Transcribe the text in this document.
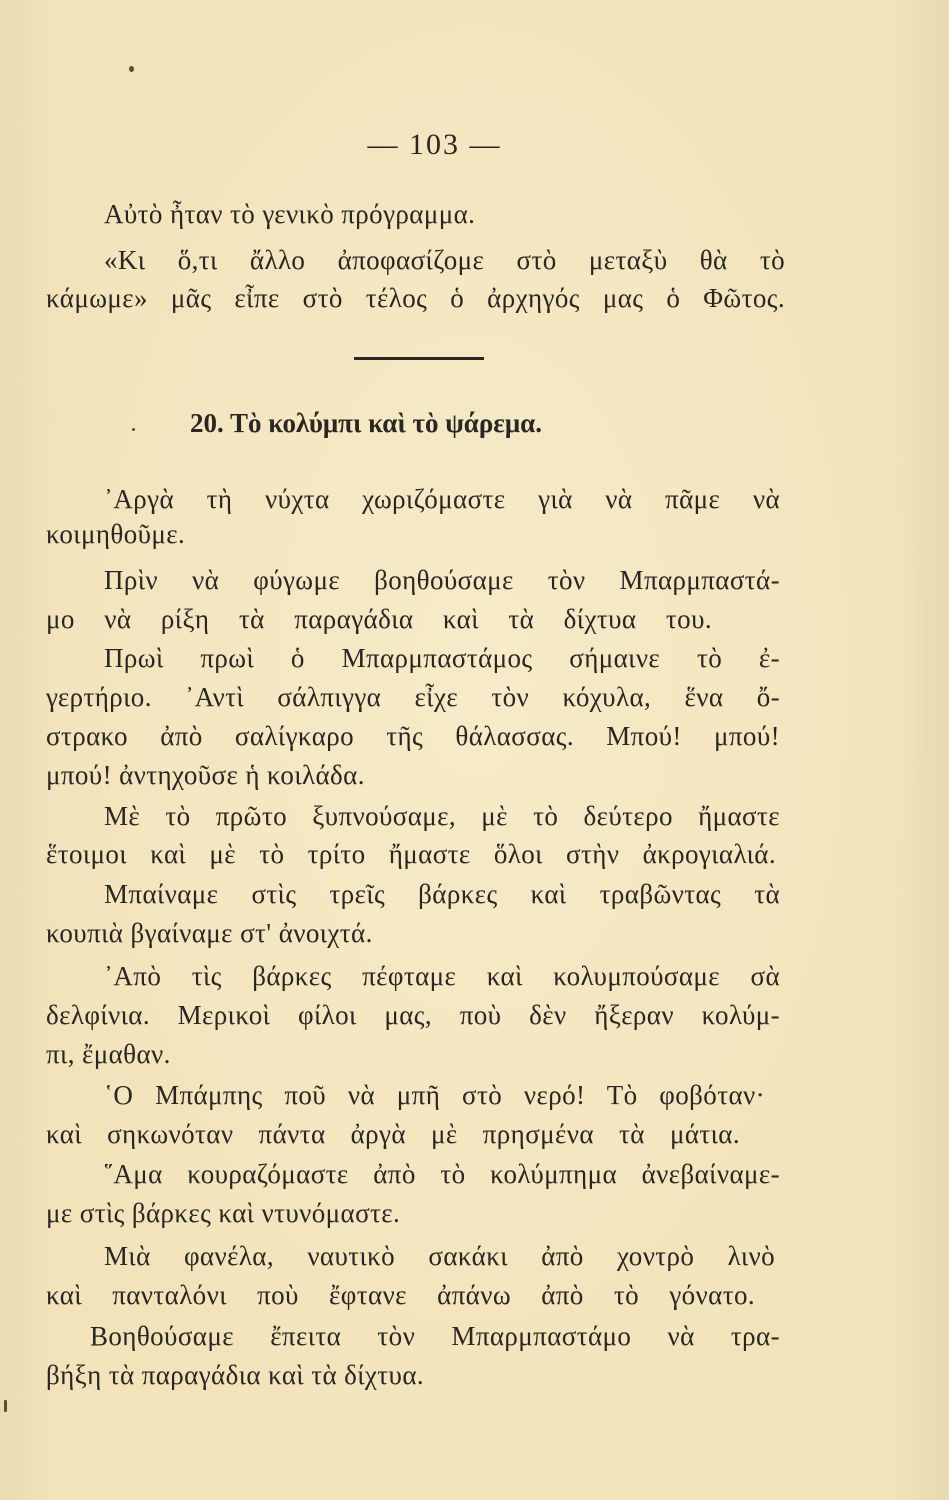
— 103 —
Αὐτὸ ἦταν τὸ γενικὸ πρόγραμμα.
«Κι ὅ,τι ἄλλο ἀποφασίζομε στὸ μεταξὺ θὰ τὸ
κάμωμε» μᾶς εἶπε στὸ τέλος ὁ ἀρχηγός μας ὁ Φῶτος.
20. Τὸ κολύμπι καὶ τὸ ψάρεμα.
᾿Αργὰ τὴ νύχτα χωριζόμαστε γιὰ νὰ πᾶμε νὰ
κοιμηθοῦμε.
Πρὶν νὰ φύγωμε βοηθούσαμε τὸν Μπαρμπαστά-
μο νὰ ρίξη τὰ παραγάδια καὶ τὰ δίχτυα του.
Πρωὶ πρωὶ ὁ Μπαρμπαστάμος σήμαινε τὸ ἐ-
γερτήριο. ᾿Αντὶ σάλπιγγα εἶχε τὸν κόχυλα, ἕνα ὄ-
στρακο ἀπὸ σαλίγκαρο τῆς θάλασσας. Μπού! μπού!
μπού! ἀντηχοῦσε ἡ κοιλάδα.
Μὲ τὸ πρῶτο ξυπνούσαμε, μὲ τὸ δεύτερο ἤμαστε
ἕτοιμοι καὶ μὲ τὸ τρίτο ἤμαστε ὅλοι στὴν ἀκρογιαλιά.
Μπαίναμε στὶς τρεῖς βάρκες καὶ τραβῶντας τὰ
κουπιὰ βγαίναμε στ' ἀνοιχτά.
᾿Απὸ τὶς βάρκες πέφταμε καὶ κολυμπούσαμε σὰ
δελφίνια. Μερικοὶ φίλοι μας, ποὺ δὲν ἤξεραν κολύμ-
πι, ἔμαθαν.
῾Ο Μπάμπης ποῦ νὰ μπῆ στὸ νερό! Τὸ φοβόταν·
καὶ σηκωνόταν πάντα ἀργὰ μὲ πρησμένα τὰ μάτια.
῞Αμα κουραζόμαστε ἀπὸ τὸ κολύμπημα ἀνεβαίναμε-
με στὶς βάρκες καὶ ντυνόμαστε.
Μιὰ φανέλα, ναυτικὸ σακάκι ἀπὸ χοντρὸ λινὸ
καὶ πανταλόνι ποὺ ἔφτανε ἀπάνω ἀπὸ τὸ γόνατο.
Βοηθούσαμε ἔπειτα τὸν Μπαρμπαστάμο νὰ τρα-
βήξη τὰ παραγάδια καὶ τὰ δίχτυα.
